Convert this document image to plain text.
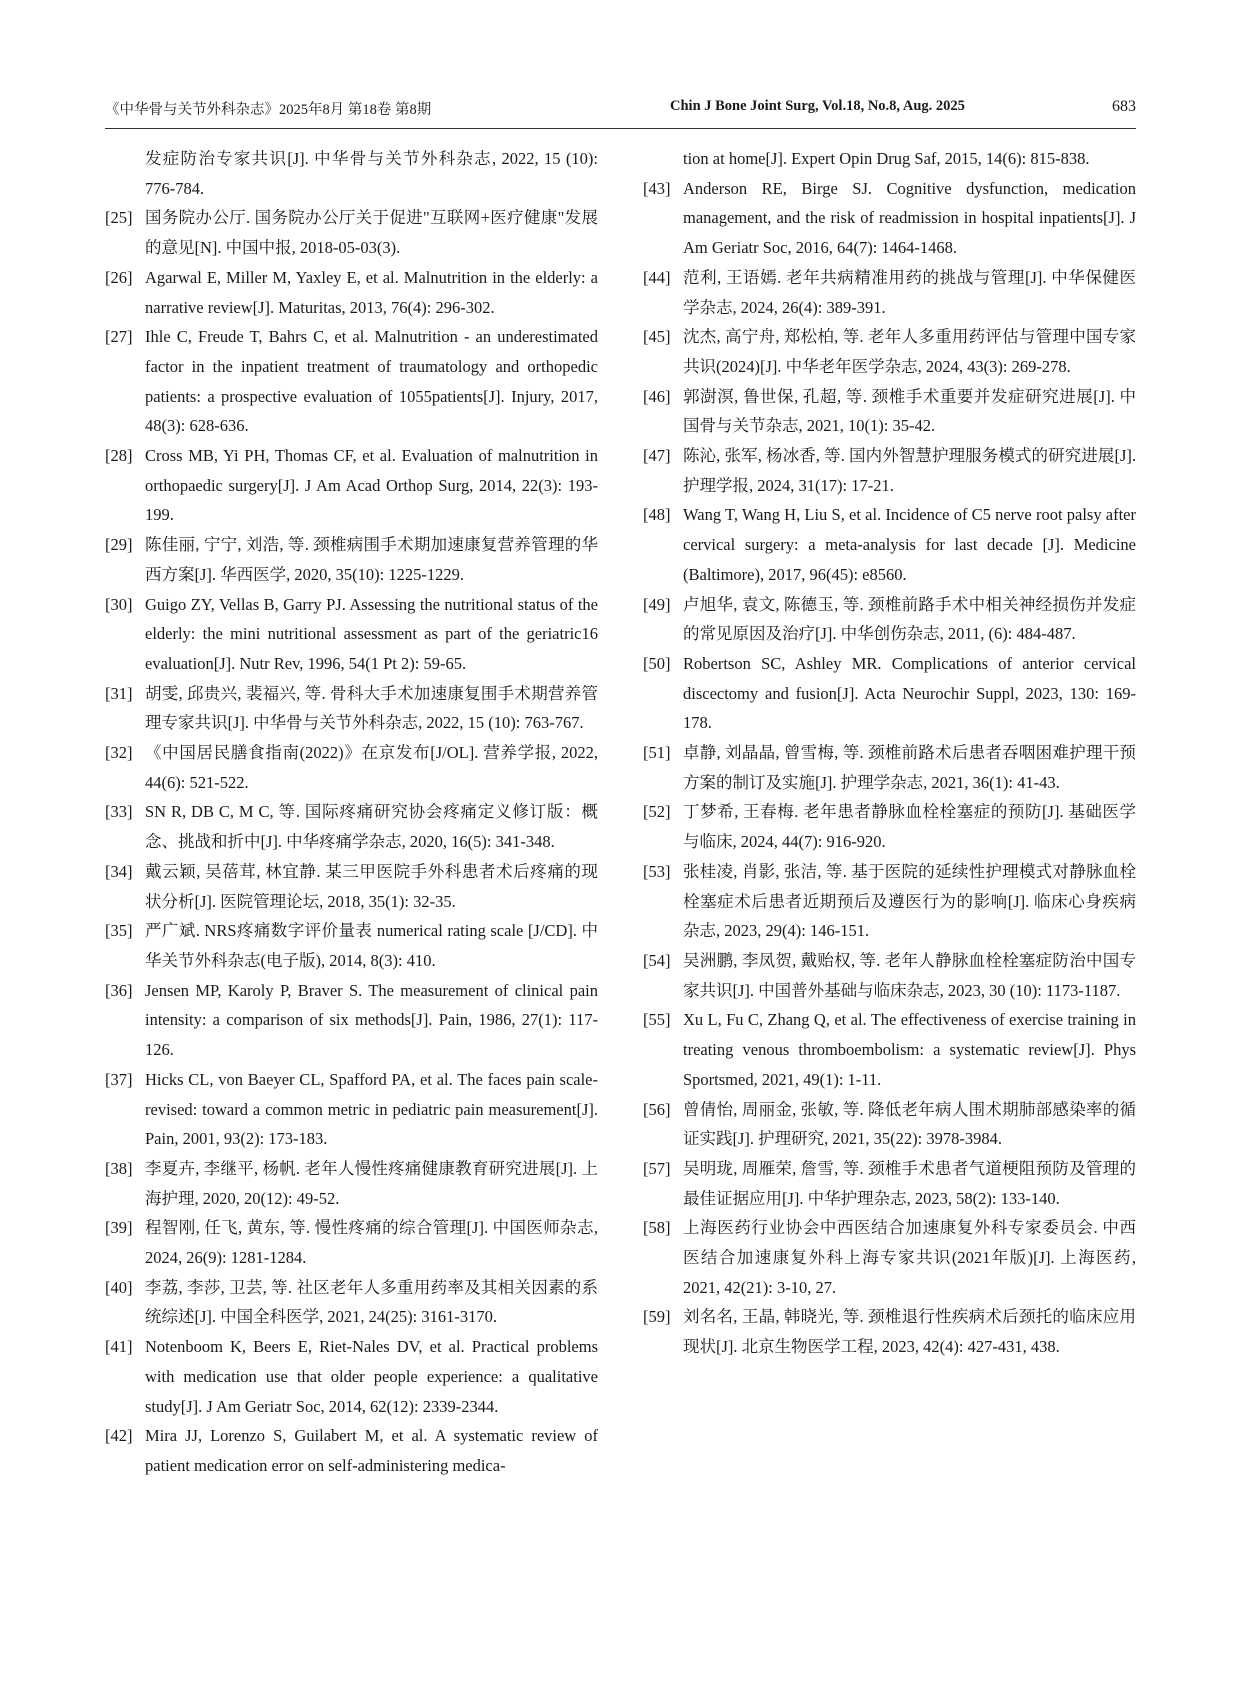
《中华骨与关节外科杂志》2025年8月 第18卷 第8期	Chin J Bone Joint Surg, Vol.18, No.8, Aug. 2025	683

发症防治专家共识[J]. 中华骨与关节外科杂志, 2022, 15 (10): 776-784.

[25] 国务院办公厅. 国务院办公厅关于促进"互联网+医疗健康"发展的意见[N]. 中国中报, 2018-05-03(3).

[26] Agarwal E, Miller M, Yaxley E, et al. Malnutrition in the elderly: a narrative review[J]. Maturitas, 2013, 76(4): 296-302.

[27] Ihle C, Freude T, Bahrs C, et al. Malnutrition - an underestimated factor in the inpatient treatment of traumatology and orthopedic patients: a prospective evaluation of 1055patients[J]. Injury, 2017, 48(3): 628-636.

[28] Cross MB, Yi PH, Thomas CF, et al. Evaluation of malnutrition in orthopaedic surgery[J]. J Am Acad Orthop Surg, 2014, 22(3): 193-199.

[29] 陈佳丽, 宁宁, 刘浩, 等. 颈椎病围手术期加速康复营养管理的华西方案[J]. 华西医学, 2020, 35(10): 1225-1229.

[30] Guigo ZY, Vellas B, Garry PJ. Assessing the nutritional status of the elderly: the mini nutritional assessment as part of the geriatric16 evaluation[J]. Nutr Rev, 1996, 54(1 Pt 2): 59-65.

[31] 胡雯, 邱贵兴, 裴福兴, 等. 骨科大手术加速康复围手术期营养管理专家共识[J]. 中华骨与关节外科杂志, 2022, 15 (10): 763-767.

[32] 《中国居民膳食指南(2022)》在京发布[J/OL]. 营养学报, 2022, 44(6): 521-522.

[33] SN R, DB C, M C, 等. 国际疼痛研究协会疼痛定义修订版：概念、挑战和折中[J]. 中华疼痛学杂志, 2020, 16(5): 341-348.

[34] 戴云颖, 吴蓓茸, 林宜静. 某三甲医院手外科患者术后疼痛的现状分析[J]. 医院管理论坛, 2018, 35(1): 32-35.

[35] 严广斌. NRS疼痛数字评价量表 numerical rating scale [J/CD]. 中华关节外科杂志(电子版), 2014, 8(3): 410.

[36] Jensen MP, Karoly P, Braver S. The measurement of clinical pain intensity: a comparison of six methods[J]. Pain, 1986, 27(1): 117-126.

[37] Hicks CL, von Baeyer CL, Spafford PA, et al. The faces pain scale- revised: toward a common metric in pediatric pain measurement[J]. Pain, 2001, 93(2): 173-183.

[38] 李夏卉, 李继平, 杨帆. 老年人慢性疼痛健康教育研究进展[J]. 上海护理, 2020, 20(12): 49-52.

[39] 程智刚, 任飞, 黄东, 等. 慢性疼痛的综合管理[J]. 中国医师杂志, 2024, 26(9): 1281-1284.

[40] 李荔, 李莎, 卫芸, 等. 社区老年人多重用药率及其相关因素的系统综述[J]. 中国全科医学, 2021, 24(25): 3161-3170.

[41] Notenboom K, Beers E, Riet-Nales DV, et al. Practical problems with medication use that older people experience: a qualitative study[J]. J Am Geriatr Soc, 2014, 62(12): 2339-2344.

[42] Mira JJ, Lorenzo S, Guilabert M, et al. A systematic review of patient medication error on self-administering medica-

tion at home[J]. Expert Opin Drug Saf, 2015, 14(6): 815-838.

[43] Anderson RE, Birge SJ. Cognitive dysfunction, medication management, and the risk of readmission in hospital inpatients[J]. J Am Geriatr Soc, 2016, 64(7): 1464-1468.

[44] 范利, 王语嫣. 老年共病精准用药的挑战与管理[J]. 中华保健医学杂志, 2024, 26(4): 389-391.

[45] 沈杰, 高宁舟, 郑松柏, 等. 老年人多重用药评估与管理中国专家共识(2024)[J]. 中华老年医学杂志, 2024, 43(3): 269-278.

[46] 郭澍溟, 鲁世保, 孔超, 等. 颈椎手术重要并发症研究进展[J]. 中国骨与关节杂志, 2021, 10(1): 35-42.

[47] 陈沁, 张军, 杨冰香, 等. 国内外智慧护理服务模式的研究进展[J]. 护理学报, 2024, 31(17): 17-21.

[48] Wang T, Wang H, Liu S, et al. Incidence of C5 nerve root palsy after cervical surgery: a meta-analysis for last decade [J]. Medicine (Baltimore), 2017, 96(45): e8560.

[49] 卢旭华, 袁文, 陈德玉, 等. 颈椎前路手术中相关神经损伤并发症的常见原因及治疗[J]. 中华创伤杂志, 2011, (6): 484-487.

[50] Robertson SC, Ashley MR. Complications of anterior cervical discectomy and fusion[J]. Acta Neurochir Suppl, 2023, 130: 169-178.

[51] 卓静, 刘晶晶, 曾雪梅, 等. 颈椎前路术后患者吞咽困难护理干预方案的制订及实施[J]. 护理学杂志, 2021, 36(1): 41-43.

[52] 丁梦希, 王春梅. 老年患者静脉血栓栓塞症的预防[J]. 基础医学与临床, 2024, 44(7): 916-920.

[53] 张桂凌, 肖影, 张洁, 等. 基于医院的延续性护理模式对静脉血栓栓塞症术后患者近期预后及遵医行为的影响[J]. 临床心身疾病杂志, 2023, 29(4): 146-151.

[54] 吴洲鹏, 李凤贺, 戴贻权, 等. 老年人静脉血栓栓塞症防治中国专家共识[J]. 中国普外基础与临床杂志, 2023, 30 (10): 1173-1187.

[55] Xu L, Fu C, Zhang Q, et al. The effectiveness of exercise training in treating venous thromboembolism: a systematic review[J]. Phys Sportsmed, 2021, 49(1): 1-11.

[56] 曾倩怡, 周丽金, 张敏, 等. 降低老年病人围术期肺部感染率的循证实践[J]. 护理研究, 2021, 35(22): 3978-3984.

[57] 吴明珑, 周雁荣, 詹雪, 等. 颈椎手术患者气道梗阻预防及管理的最佳证据应用[J]. 中华护理杂志, 2023, 58(2): 133-140.

[58] 上海医药行业协会中西医结合加速康复外科专家委员会. 中西医结合加速康复外科上海专家共识(2021年版)[J]. 上海医药, 2021, 42(21): 3-10, 27.

[59] 刘名名, 王晶, 韩晓光, 等. 颈椎退行性疾病术后颈托的临床应用现状[J]. 北京生物医学工程, 2023, 42(4): 427-431, 438.
